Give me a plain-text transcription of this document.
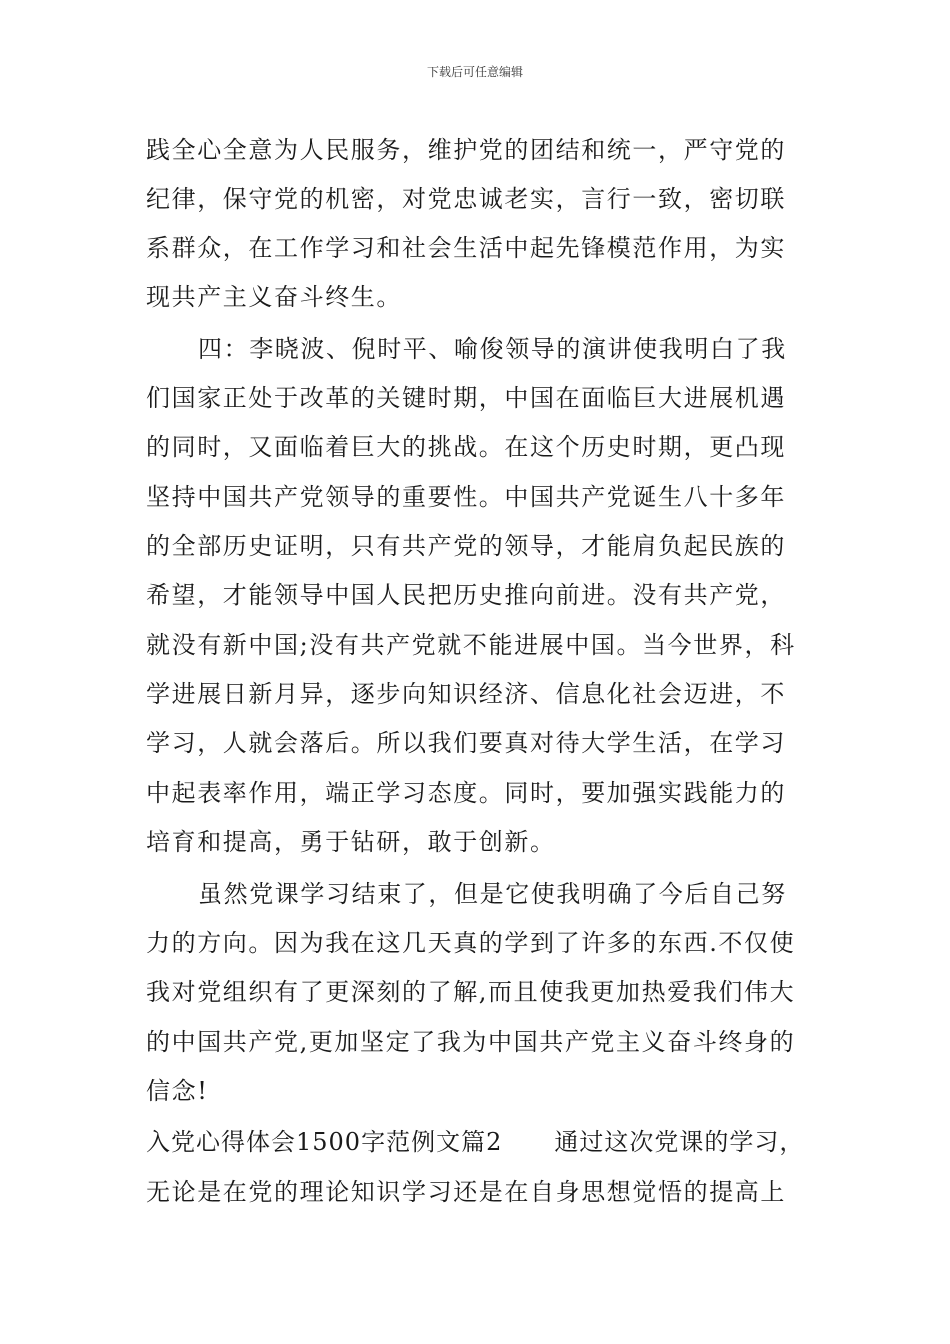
下载后可任意编辑
践全心全意为人民服务，维护党的团结和统一，严守党的
纪律，保守党的机密，对党忠诚老实，言行一致，密切联
系群众，在工作学习和社会生活中起先锋模范作用，为实
现共产主义奋斗终生。
四：李晓波、倪时平、喻俊领导的演讲使我明白了我
们国家正处于改革的关键时期，中国在面临巨大进展机遇
的同时，又面临着巨大的挑战。在这个历史时期，更凸现
坚持中国共产党领导的重要性。中国共产党诞生八十多年
的全部历史证明，只有共产党的领导，才能肩负起民族的
希望，才能领导中国人民把历史推向前进。没有共产党，
就没有新中国;没有共产党就不能进展中国。当今世界，科
学进展日新月异，逐步向知识经济、信息化社会迈进，不
学习，人就会落后。所以我们要真对待大学生活，在学习
中起表率作用，端正学习态度。同时，要加强实践能力的
培育和提高，勇于钻研，敢于创新。
虽然党课学习结束了，但是它使我明确了今后自己努
力的方向。因为我在这几天真的学到了许多的东西.不仅使
我对党组织有了更深刻的了解,而且使我更加热爱我们伟大
的中国共产党,更加坚定了我为中国共产党主义奋斗终身的
信念!
入党心得体会1500字范例文篇2 通过这次党课的学习，
无论是在党的理论知识学习还是在自身思想觉悟的提高上
